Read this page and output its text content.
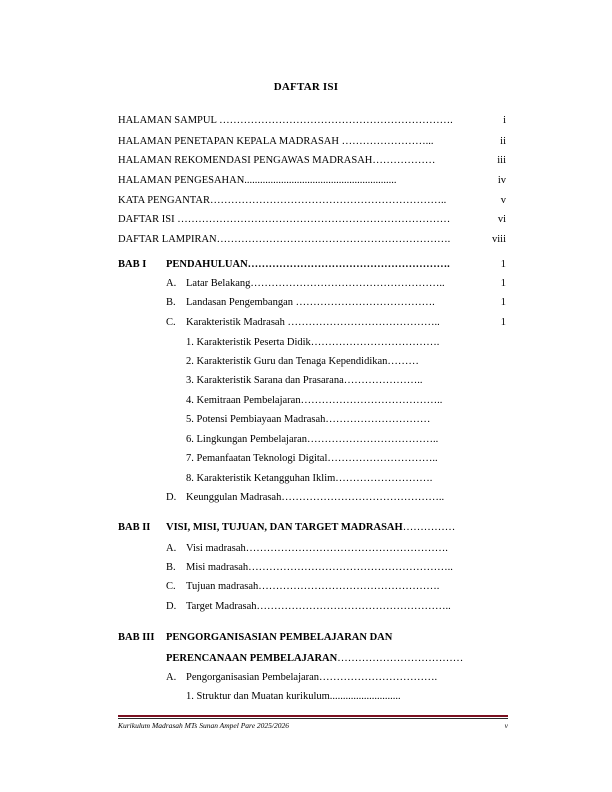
DAFTAR ISI
HALAMAN SAMPUL ………………………………………………………….	i
HALAMAN PENETAPAN KEPALA MADRASAH ……………………...	ii
HALAMAN REKOMENDASI PENGAWAS MADRASAH………………	iii
HALAMAN PENGESAHAN..........................................................	iv
KATA PENGANTAR…………………………………………………………..	v
DAFTAR ISI ……………………………………………………………………	vi
DAFTAR LAMPIRAN………………………………………………………….	viii
BAB I PENDAHULUAN………………………………………………….	1
A. Latar Belakang………………………………………………..	1
B. Landasan Pengembangan ………………………………….	1
C. Karakteristik Madrasah ……………………………………..	1
1. Karakteristik Peserta Didik……………………………….
2. Karakteristik Guru dan Tenaga Kependidikan………
3. Karakteristik Sarana dan Prasarana…………………..
4. Kemitraan Pembelajaran…………………………………..
5. Potensi Pembiayaan Madrasah…………………………
6. Lingkungan Pembelajaran………………………………..
7. Pemanfaatan Teknologi Digital…………………………..
8. Karakteristik Ketangguhan Iklim……………………….
D. Keunggulan Madrasah………………………………………..
BAB II VISI, MISI, TUJUAN, DAN TARGET MADRASAH……………
A. Visi madrasah………………………………………………….
B. Misi madrasah…………………………………………………..
C. Tujuan madrasah…………………………………………….
D. Target Madrasah………………………………………………..
BAB III PENGORGANISASIAN PEMBELAJARAN DAN
PERENCANAAN PEMBELAJARAN………………………………
A. Pengorganisasian Pembelajaran…………………………….
1. Struktur dan Muatan kurikulum...........................
Kurikulum Madrasah MTs Sunan Ampel Pare 2025/2026	v
